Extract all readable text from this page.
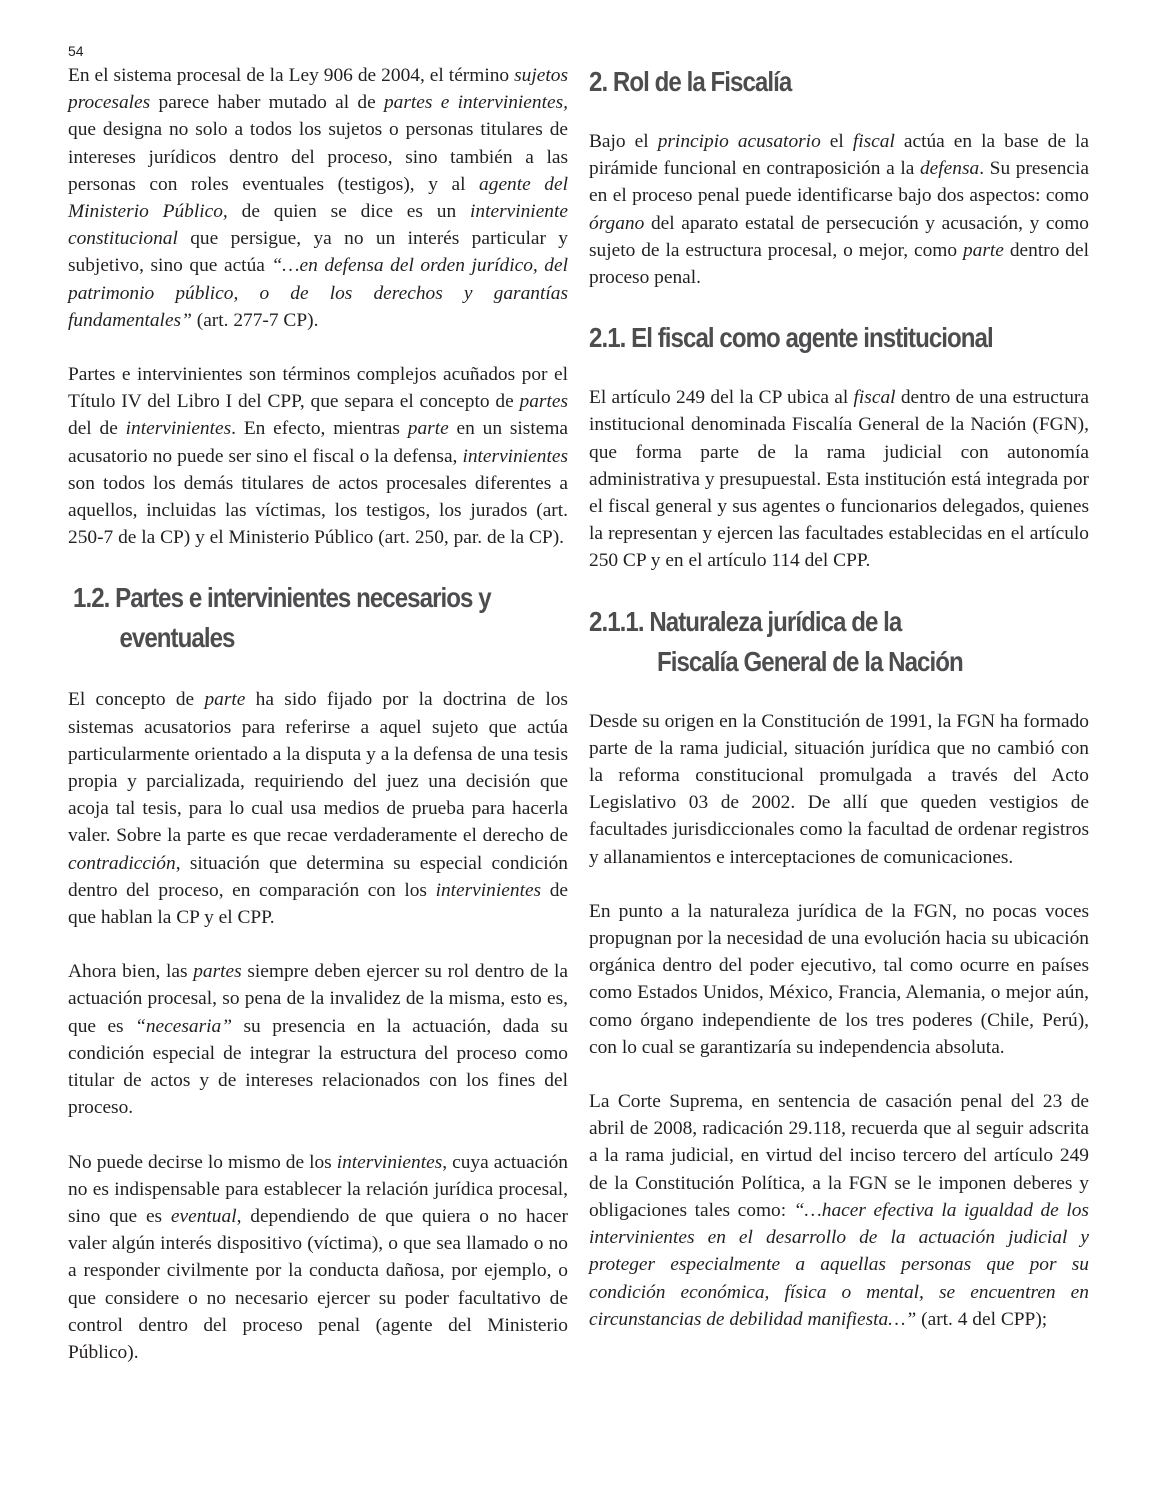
54

En el sistema procesal de la Ley 906 de 2004, el término sujetos procesales parece haber mutado al de partes e intervinientes, que designa no solo a todos los sujetos o personas titulares de intereses jurídicos dentro del proceso, sino también a las personas con roles eventuales (testigos), y al agente del Ministerio Público, de quien se dice es un interviniente constitucional que persigue, ya no un interés particular y subjetivo, sino que actúa “…en defensa del orden jurídico, del patrimonio público, o de los derechos y garantías fundamentales” (art. 277-7 CP).

Partes e intervinientes son términos complejos acuñados por el Título IV del Libro I del CPP, que separa el concepto de partes del de intervinientes. En efecto, mientras parte en un sistema acusatorio no puede ser sino el fiscal o la defensa, intervinientes son todos los demás titulares de actos procesales diferentes a aquellos, incluidas las víctimas, los testigos, los jurados (art. 250-7 de la CP) y el Ministerio Público (art. 250, par. de la CP).

1.2. Partes e intervinientes necesarios y
eventuales

El concepto de parte ha sido fijado por la doctrina de los sistemas acusatorios para referirse a aquel sujeto que actúa particularmente orientado a la disputa y a la defensa de una tesis propia y parcializada, requiriendo del juez una decisión que acoja tal tesis, para lo cual usa medios de prueba para hacerla valer. Sobre la parte es que recae verdaderamente el derecho de contradicción, situación que determina su especial condición dentro del proceso, en comparación con los intervinientes de que hablan la CP y el CPP.

Ahora bien, las partes siempre deben ejercer su rol dentro de la actuación procesal, so pena de la invalidez de la misma, esto es, que es “necesaria” su presencia en la actuación, dada su condición especial de integrar la estructura del proceso como titular de actos y de intereses relacionados con los fines del proceso.

No puede decirse lo mismo de los intervinientes, cuya actuación no es indispensable para establecer la relación jurídica procesal, sino que es eventual, dependiendo de que quiera o no hacer valer algún interés dispositivo (víctima), o que sea llamado o no a responder civilmente por la conducta dañosa, por ejemplo, o que considere o no necesario ejercer su poder facultativo de control dentro del proceso penal (agente del Ministerio Público).

2. Rol de la Fiscalía

Bajo el principio acusatorio el fiscal actúa en la base de la pirámide funcional en contraposición a la defensa. Su presencia en el proceso penal puede identificarse bajo dos aspectos: como órgano del aparato estatal de persecución y acusación, y como sujeto de la estructura procesal, o mejor, como parte dentro del proceso penal.

2.1. El fiscal como agente institucional

El artículo 249 del la CP ubica al fiscal dentro de una estructura institucional denominada Fiscalía General de la Nación (FGN), que forma parte de la rama judicial con autonomía administrativa y presupuestal. Esta institución está integrada por el fiscal general y sus agentes o funcionarios delegados, quienes la representan y ejercen las facultades establecidas en el artículo 250 CP y en el artículo 114 del CPP.

2.1.1. Naturaleza jurídica de la
Fiscalía General de la Nación

Desde su origen en la Constitución de 1991, la FGN ha formado parte de la rama judicial, situación jurídica que no cambió con la reforma constitucional promulgada a través del Acto Legislativo 03 de 2002. De allí que queden vestigios de facultades jurisdiccionales como la facultad de ordenar registros y allanamientos e interceptaciones de comunicaciones.

En punto a la naturaleza jurídica de la FGN, no pocas voces propugnan por la necesidad de una evolución hacia su ubicación orgánica dentro del poder ejecutivo, tal como ocurre en países como Estados Unidos, México, Francia, Alemania, o mejor aún, como órgano independiente de los tres poderes (Chile, Perú), con lo cual se garantizaría su independencia absoluta.

La Corte Suprema, en sentencia de casación penal del 23 de abril de 2008, radicación 29.118, recuerda que al seguir adscrita a la rama judicial, en virtud del inciso tercero del artículo 249 de la Constitución Política, a la FGN se le imponen deberes y obligaciones tales como: “…hacer efectiva la igualdad de los intervinientes en el desarrollo de la actuación judicial y proteger especialmente a aquellas personas que por su condición económica, física o mental, se encuentren en circunstancias de debilidad manifiesta…” (art. 4 del CPP);
